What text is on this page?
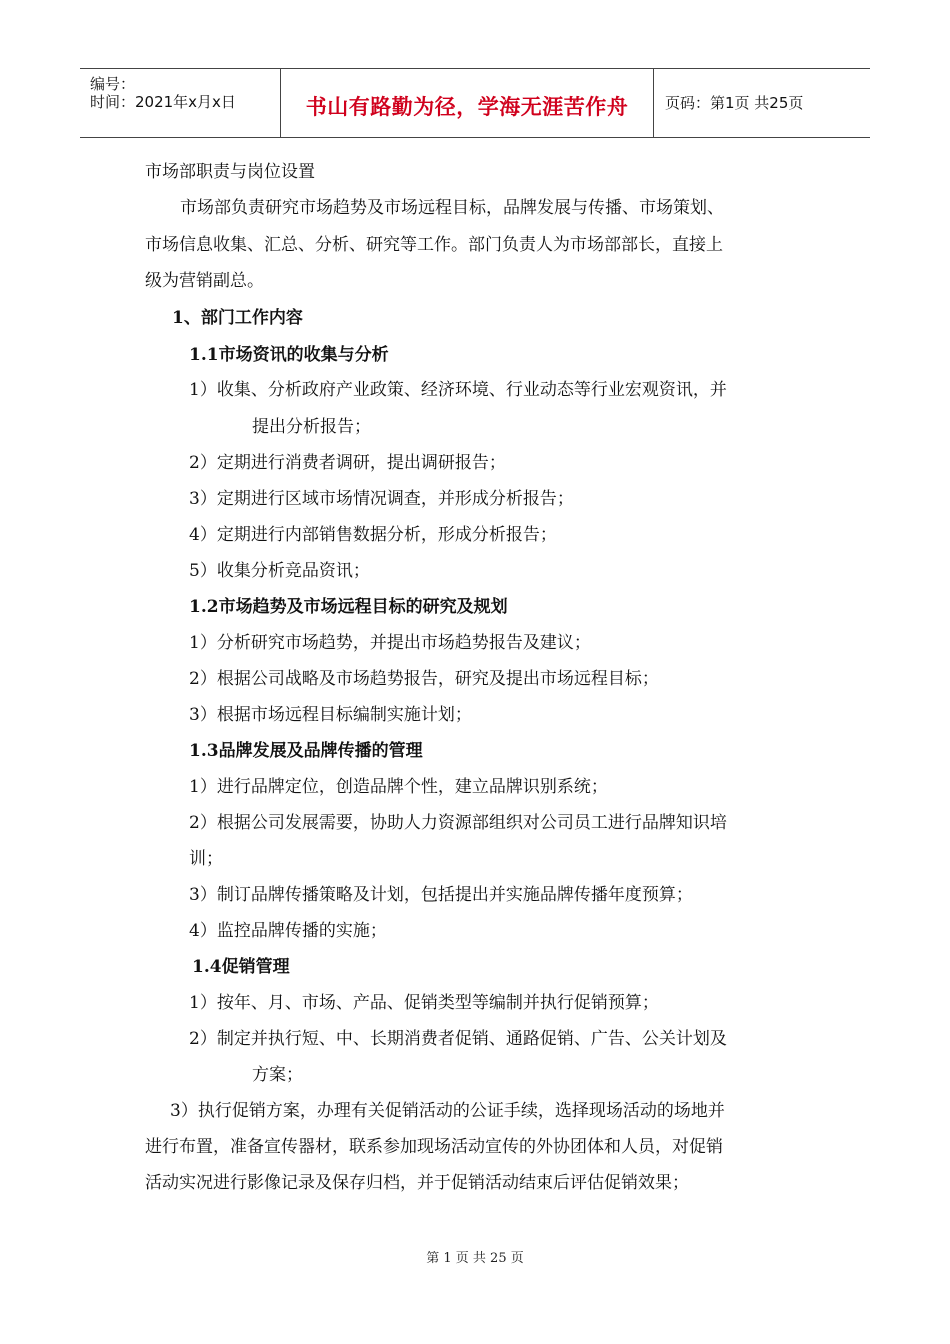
编号：
时间：2021年x月x日	书山有路勤为径，学海无涯苦作舟	页码：第1页 共25页
市场部职责与岗位设置
市场部负责研究市场趋势及市场远程目标，品牌发展与传播、市场策划、
市场信息收集、汇总、分析、研究等工作。部门负责人为市场部部长，直接上
级为营销副总。
1、部门工作内容
1.1市场资讯的收集与分析
1）收集、分析政府产业政策、经济环境、行业动态等行业宏观资讯，并
提出分析报告；
2）定期进行消费者调研，提出调研报告；
3）定期进行区域市场情况调查，并形成分析报告；
4）定期进行内部销售数据分析，形成分析报告；
5）收集分析竞品资讯；
1.2市场趋势及市场远程目标的研究及规划
1）分析研究市场趋势，并提出市场趋势报告及建议；
2）根据公司战略及市场趋势报告，研究及提出市场远程目标；
3）根据市场远程目标编制实施计划；
1.3品牌发展及品牌传播的管理
1）进行品牌定位，创造品牌个性，建立品牌识别系统；
2）根据公司发展需要，协助人力资源部组织对公司员工进行品牌知识培
训；
3）制订品牌传播策略及计划，包括提出并实施品牌传播年度预算；
4）监控品牌传播的实施；
1.4促销管理
1）按年、月、市场、产品、促销类型等编制并执行促销预算；
2）制定并执行短、中、长期消费者促销、通路促销、广告、公关计划及
方案；
3）执行促销方案，办理有关促销活动的公证手续，选择现场活动的场地并
进行布置，准备宣传器材，联系参加现场活动宣传的外协团体和人员，对促销
活动实况进行影像记录及保存归档，并于促销活动结束后评估促销效果；
第 1 页 共 25 页
